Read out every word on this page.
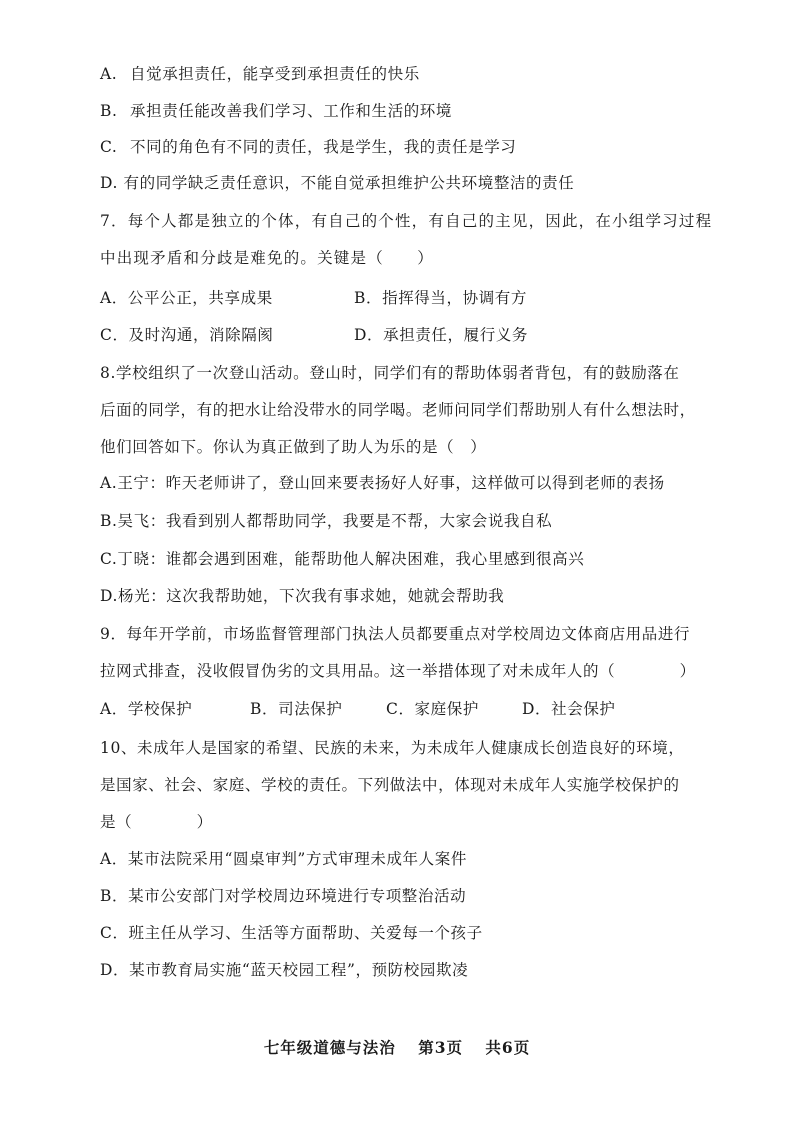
A. 自觉承担责任，能享受到承担责任的快乐
B. 承担责任能改善我们学习、工作和生活的环境
C. 不同的角色有不同的责任，我是学生，我的责任是学习
D. 有的同学缺乏责任意识，不能自觉承担维护公共环境整洁的责任
7．每个人都是独立的个体，有自己的个性，有自己的主见，因此，在小组学习过程
中出现矛盾和分歧是难免的。关键是（　　）
A．公平公正，共享成果	B．指挥得当，协调有方
C．及时沟通，消除隔阂	D．承担责任，履行义务
8.学校组织了一次登山活动。登山时，同学们有的帮助体弱者背包，有的鼓励落在
后面的同学，有的把水让给没带水的同学喝。老师问同学们帮助别人有什么想法时，
他们回答如下。你认为真正做到了助人为乐的是（　）
A.王宁：昨天老师讲了，登山回来要表扬好人好事，这样做可以得到老师的表扬
B.吴飞：我看到别人都帮助同学，我要是不帮，大家会说我自私
C.丁晓：谁都会遇到困难，能帮助他人解决困难，我心里感到很高兴
D.杨光：这次我帮助她，下次我有事求她，她就会帮助我
9．每年开学前，市场监督管理部门执法人员都要重点对学校周边文体商店用品进行
拉网式排查，没收假冒伪劣的文具用品。这一举措体现了对未成年人的（　　　　）
A．学校保护	B．司法保护	C．家庭保护	D．社会保护
10、未成年人是国家的希望、民族的未来，为未成年人健康成长创造良好的环境，
是国家、社会、家庭、学校的责任。下列做法中，体现对未成年人实施学校保护的
是（　　　　）
A．某市法院采用“圆桌审判”方式审理未成年人案件
B．某市公安部门对学校周边环境进行专项整治活动
C．班主任从学习、生活等方面帮助、关爱每一个孩子
D．某市教育局实施“蓝天校园工程”，预防校园欺凌
七年级道德与法治 第3页 共6页
